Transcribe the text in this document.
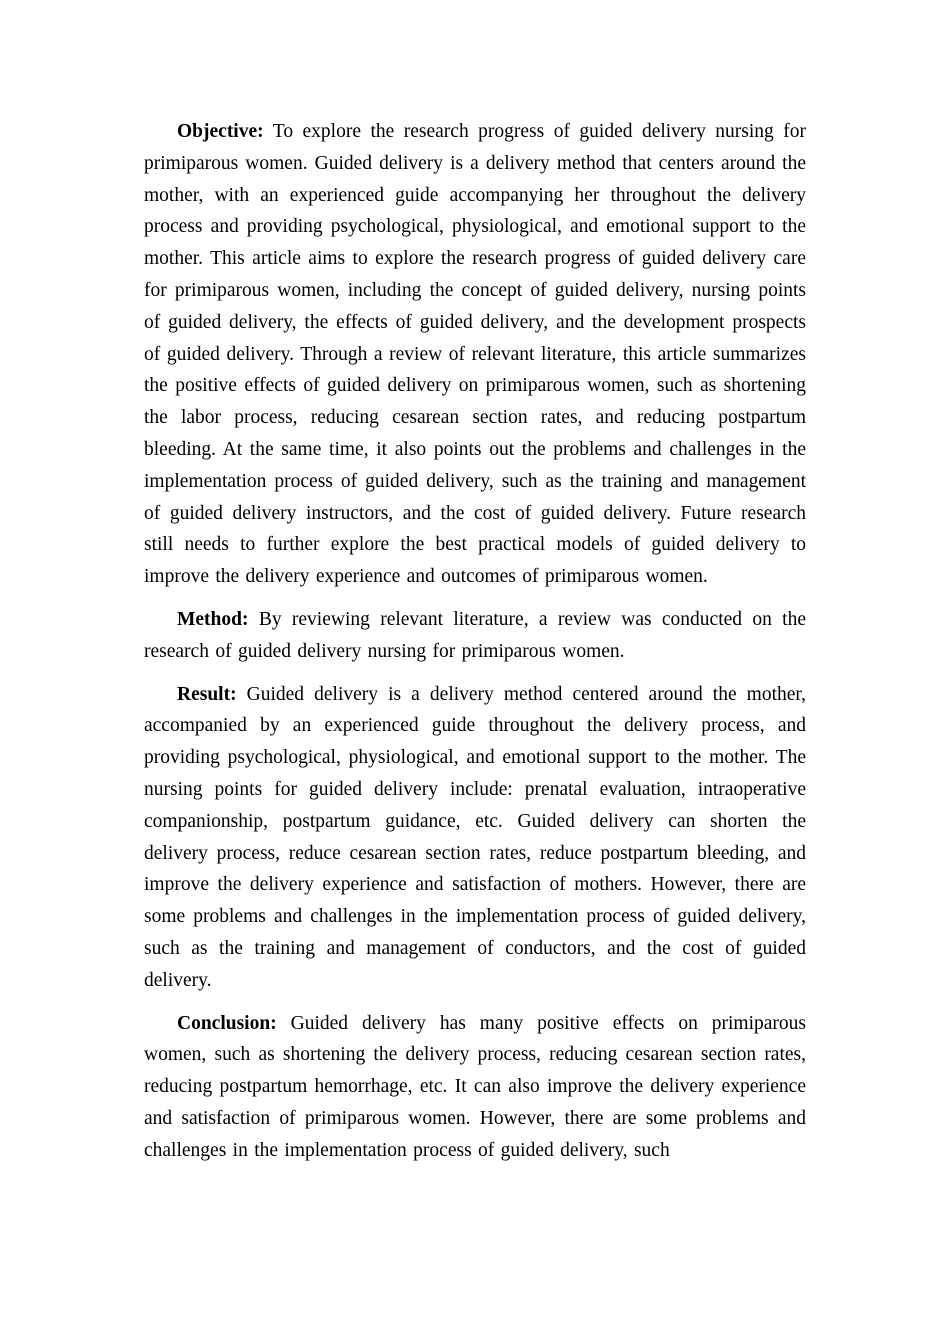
Objective: To explore the research progress of guided delivery nursing for primiparous women. Guided delivery is a delivery method that centers around the mother, with an experienced guide accompanying her throughout the delivery process and providing psychological, physiological, and emotional support to the mother. This article aims to explore the research progress of guided delivery care for primiparous women, including the concept of guided delivery, nursing points of guided delivery, the effects of guided delivery, and the development prospects of guided delivery. Through a review of relevant literature, this article summarizes the positive effects of guided delivery on primiparous women, such as shortening the labor process, reducing cesarean section rates, and reducing postpartum bleeding. At the same time, it also points out the problems and challenges in the implementation process of guided delivery, such as the training and management of guided delivery instructors, and the cost of guided delivery. Future research still needs to further explore the best practical models of guided delivery to improve the delivery experience and outcomes of primiparous women.

Method: By reviewing relevant literature, a review was conducted on the research of guided delivery nursing for primiparous women.

Result: Guided delivery is a delivery method centered around the mother, accompanied by an experienced guide throughout the delivery process, and providing psychological, physiological, and emotional support to the mother. The nursing points for guided delivery include: prenatal evaluation, intraoperative companionship, postpartum guidance, etc. Guided delivery can shorten the delivery process, reduce cesarean section rates, reduce postpartum bleeding, and improve the delivery experience and satisfaction of mothers. However, there are some problems and challenges in the implementation process of guided delivery, such as the training and management of conductors, and the cost of guided delivery.

Conclusion: Guided delivery has many positive effects on primiparous women, such as shortening the delivery process, reducing cesarean section rates, reducing postpartum hemorrhage, etc. It can also improve the delivery experience and satisfaction of primiparous women. However, there are some problems and challenges in the implementation process of guided delivery, such
